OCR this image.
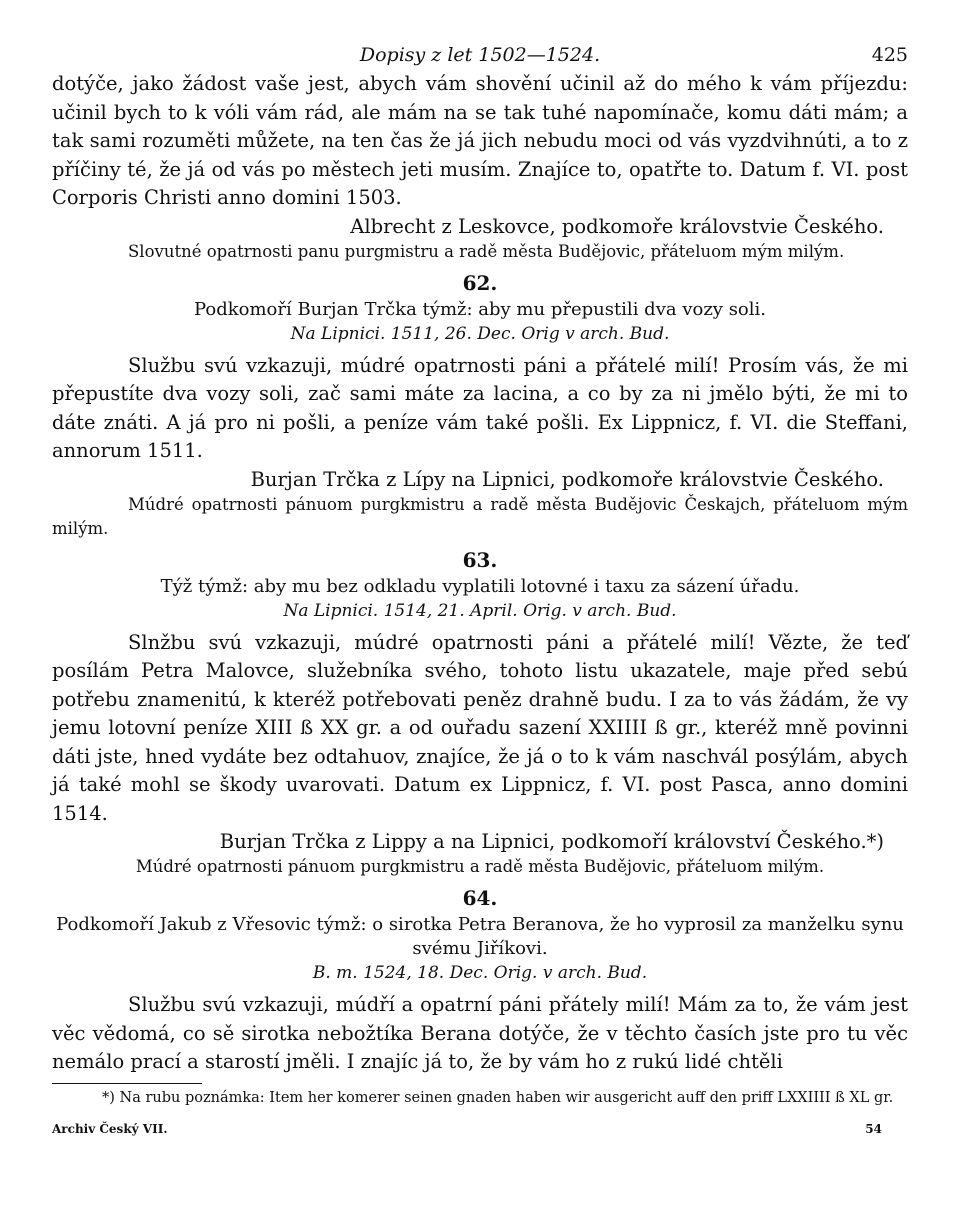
Dopisy z let 1502—1524.	425

dotýče, jako žádost vaše jest, abych vám shovění učinil až do mého k vám příjezdu: učinil bych to k vóli vám rád, ale mám na se tak tuhé napomínače, komu dáti mám; a tak sami rozuměti můžete, na ten čas že já jich nebudu moci od vás vyzdvihnúti, a to z příčiny té, že já od vás po městech jeti musím. Znajíce to, opatřte to. Datum f. VI. post Corporis Christi anno domini 1503.

Albrecht z Leskovce, podkomoře královstvie Českého.

Slovutné opatrnosti panu purgmistru a radě města Budějovic, přáteluom mým milým.

62.

Podkomoří Burjan Trčka týmž: aby mu přepustili dva vozy soli.

Na Lipnici. 1511, 26. Dec. Orig v arch. Bud.

Službu svú vzkazuji, múdré opatrnosti páni a přátelé milí! Prosím vás, že mi přepustíte dva vozy soli, zač sami máte za lacina, a co by za ni jmělo býti, že mi to dáte znáti. A já pro ni pošli, a peníze vám také pošli. Ex Lippnicz, f. VI. die Steffani, annorum 1511.

Burjan Trčka z Lípy na Lipnici, podkomoře královstvie Českého.

Múdré opatrnosti pánuom purgkmistru a radě města Budějovic Českajch, přáteluom mým milým.

63.

Týž týmž: aby mu bez odkladu vyplatili lotovné i taxu za sázení úřadu.

Na Lipnici. 1514, 21. April. Orig. v arch. Bud.

Slnžbu svú vzkazuji, múdré opatrnosti páni a přátelé milí! Vězte, že teď posílám Petra Malovce, služebníka svého, tohoto listu ukazatele, maje před sebú potřebu znamenitú, k kteréž potřebovati peněz drahně budu. I za to vás žádám, že vy jemu lotovní peníze XIII ß XX gr. a od ouřadu sazení XXIIII ß gr., kteréž mně povinni dáti jste, hned vydáte bez odtahuov, znajíce, že já o to k vám naschvál posýlám, abych já také mohl se škody uvarovati. Datum ex Lippnicz, f. VI. post Pasca, anno domini 1514.

Burjan Trčka z Lippy a na Lipnici, podkomoří království Českého.*)

Múdré opatrnosti pánuom purgkmistru a radě města Budějovic, přáteluom milým.

64.

Podkomoří Jakub z Vřesovic týmž: o sirotka Petra Beranova, že ho vyprosil za manželku synu svému Jiříkovi.

B. m. 1524, 18. Dec. Orig. v arch. Bud.

Službu svú vzkazuji, múdří a opatrní páni přátely milí! Mám za to, že vám jest věc vědomá, co sě sirotka nebožtíka Berana dotýče, že v těchto časích jste pro tu věc nemálo prací a starostí jměli. I znajíc já to, že by vám ho z rukú lidé chtěli

*) Na rubu poznámka: Item her komerer seinen gnaden haben wir ausgericht auff den priff LXXIIII ß XL gr.

Archiv Český VII.	54
